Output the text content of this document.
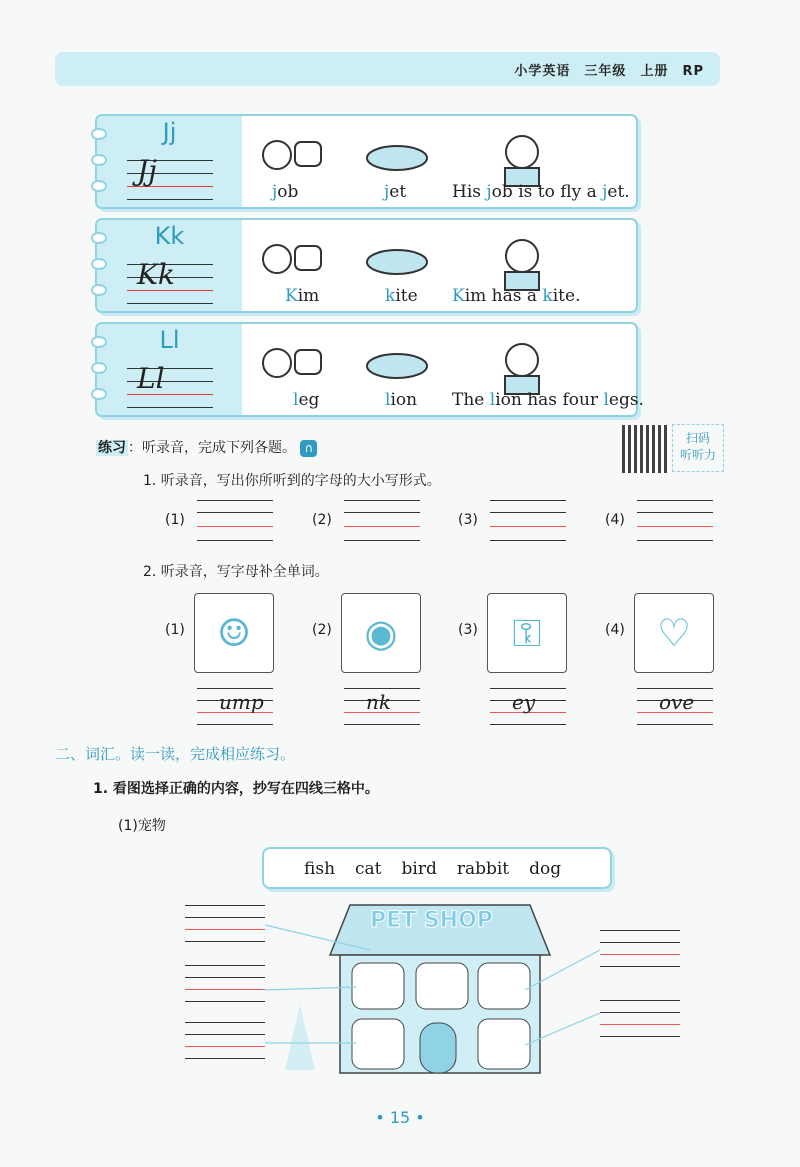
小学英语 三年级 上册 RP
Jj
Jj
job	jet	His job is to fly a jet.
Kk
Kk
Kim	kite Kim has a kite.
Ll
Ll
leg	lion The lion has four legs.
练习 ：听录音，完成下列各题。 ∩
扫码
听听力
1. 听录音，写出你所听到的字母的大小写形式。
(1)	(2)	(3)	(4)
2. 听录音，写字母补全单词。
(1) ☺
ump
(2) ◉
nk
(3) ⚿
ey
(4) ♡
ove
二、词汇。读一读，完成相应练习。
1. 看图选择正确的内容，抄写在四线三格中。
(1)宠物
fish cat bird rabbit dog
PET SHOP
• 15 •
